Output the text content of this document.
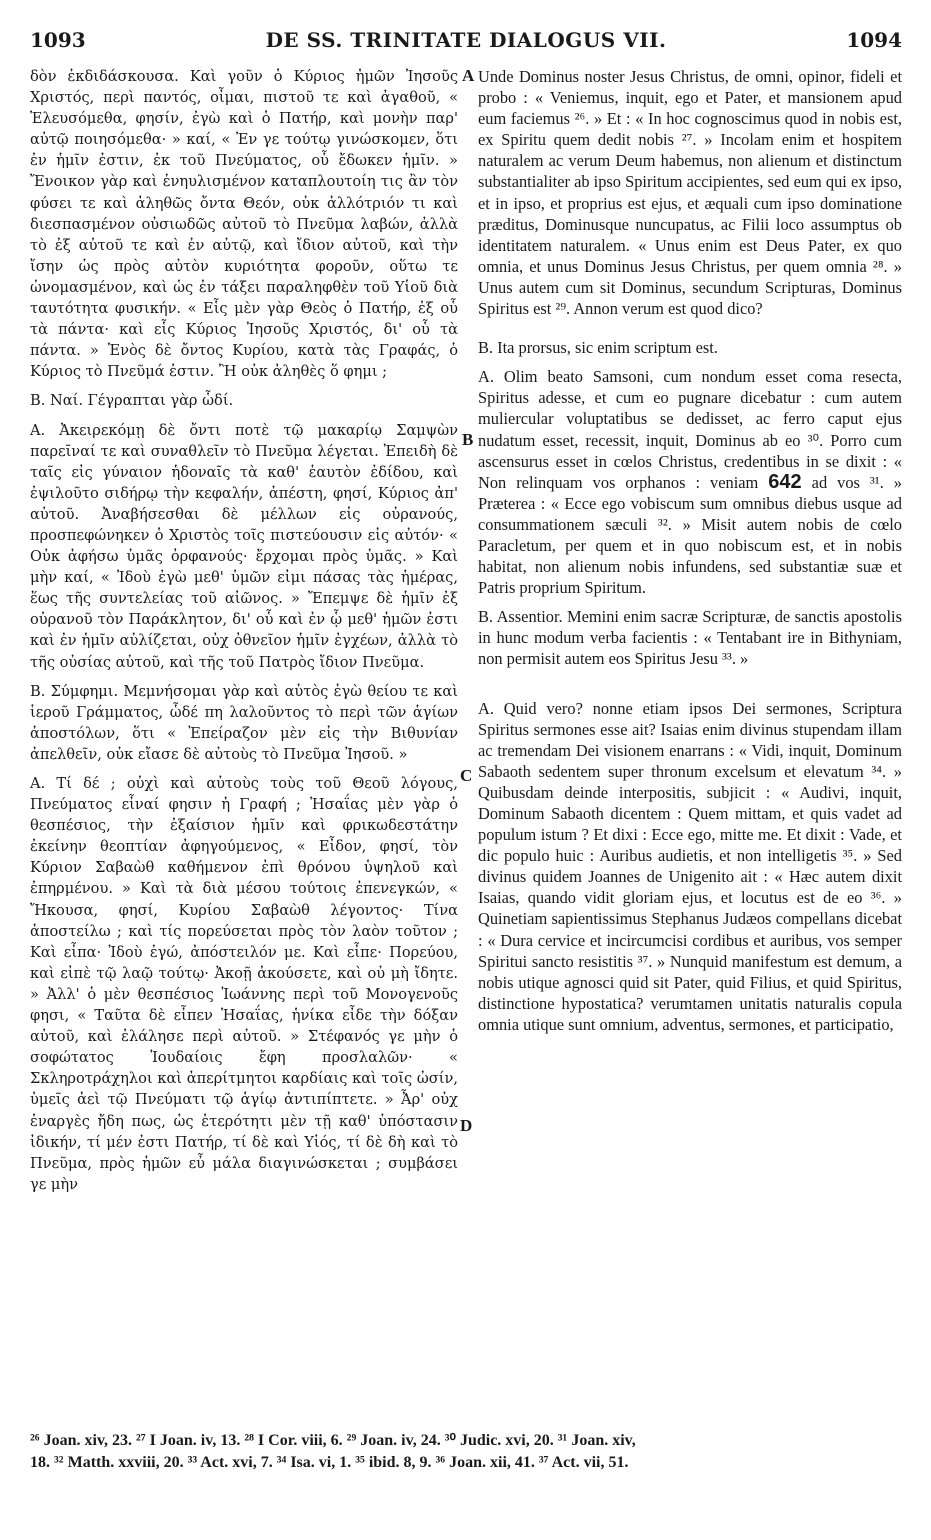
1093	DE SS. TRINITATE DIALOGUS VII.	1094

δὸν ἐκδιδάσκουσα. Καὶ γοῦν ὁ Κύριος ἡμῶν Ἰησοῦς Χριστός, περὶ παντός, οἶμαι, πιστοῦ τε καὶ ἀγαθοῦ, « Ἐλευσόμεθα, φησίν, ἐγὼ καὶ ὁ Πατήρ, καὶ μονὴν παρ' αὐτῷ ποιησόμεθα· » καί, « Ἐν γε τούτῳ γινώσκομεν, ὅτι ἐν ἡμῖν ἐστιν, ἐκ τοῦ Πνεύματος, οὗ ἔδωκεν ἡμῖν. » Ἔνοικον γὰρ καὶ ἐνηυλισμένον καταπλουτοίη τις ἂν τὸν φύσει τε καὶ ἀληθῶς ὄντα Θεόν, οὐκ ἀλλότριόν τι καὶ διεσπασμένον οὐσιωδῶς αὐτοῦ τὸ Πνεῦμα λαβών, ἀλλὰ τὸ ἐξ αὐτοῦ τε καὶ ἐν αὐτῷ, καὶ ἴδιον αὐτοῦ, καὶ τὴν ἴσην ὡς πρὸς αὐτὸν κυριότητα φοροῦν, οὕτω τε ὠνομασμένον, καὶ ὡς ἐν τάξει παραληφθὲν τοῦ Υἱοῦ διὰ ταυτότητα φυσικήν. « Εἷς μὲν γὰρ Θεὸς ὁ Πατήρ, ἐξ οὗ τὰ πάντα· καὶ εἷς Κύριος Ἰησοῦς Χριστός, δι' οὗ τὰ πάντα. » Ἑνὸς δὲ ὄντος Κυρίου, κατὰ τὰς Γραφάς, ὁ Κύριος τὸ Πνεῦμά ἐστιν. Ἢ οὐκ ἀληθὲς ὅ φημι ;

Β. Ναί. Γέγραπται γὰρ ὧδί.

Α. Ἀκειρεκόμῃ δὲ ὄντι ποτὲ τῷ μακαρίῳ Σαμψὼν παρεῖναί τε καὶ συναθλεῖν τὸ Πνεῦμα λέγεται. Ἐπειδὴ δὲ ταῖς εἰς γύναιον ἡδοναῖς τὰ καθ' ἑαυτὸν ἐδίδου, καὶ ἐψιλοῦτο σιδήρῳ τὴν κεφαλήν, ἀπέστη, φησί, Κύριος ἀπ' αὐτοῦ. Ἀναβήσεσθαι δὲ μέλλων εἰς οὐρανούς, προσπεφώνηκεν ὁ Χριστὸς τοῖς πιστεύουσιν εἰς αὐτόν· « Οὐκ ἀφήσω ὑμᾶς ὀρφανούς· ἔρχομαι πρὸς ὑμᾶς. » Καὶ μὴν καί, « Ἰδοὺ ἐγὼ μεθ' ὑμῶν εἰμι πάσας τὰς ἡμέρας, ἕως τῆς συντελείας τοῦ αἰῶνος. » Ἔπεμψε δὲ ἡμῖν ἐξ οὐρανοῦ τὸν Παράκλητον, δι' οὗ καὶ ἐν ᾧ μεθ' ἡμῶν ἐστι καὶ ἐν ἡμῖν αὐλίζεται, οὐχ ὀθνεῖον ἡμῖν ἐγχέων, ἀλλὰ τὸ τῆς οὐσίας αὐτοῦ, καὶ τῆς τοῦ Πατρὸς ἴδιον Πνεῦμα.

Β. Σύμφημι. Μεμνήσομαι γὰρ καὶ αὐτὸς ἐγὼ θείου τε καὶ ἱεροῦ Γράμματος, ὧδέ πη λαλοῦντος τὸ περὶ τῶν ἁγίων ἀποστόλων, ὅτι « Ἐπείραζον μὲν εἰς τὴν Βιθυνίαν ἀπελθεῖν, οὐκ εἴασε δὲ αὐτοὺς τὸ Πνεῦμα Ἰησοῦ. »

Α. Τί δέ ; οὐχὶ καὶ αὐτοὺς τοὺς τοῦ Θεοῦ λόγους, Πνεύματος εἶναί φησιν ἡ Γραφή ; Ἡσαΐας μὲν γὰρ ὁ θεσπέσιος, τὴν ἐξαίσιον ἡμῖν καὶ φρικωδεστάτην ἐκείνην θεοπτίαν ἀφηγούμενος, « Εἶδον, φησί, τὸν Κύριον Σαβαὼθ καθήμενον ἐπὶ θρόνου ὑψηλοῦ καὶ ἐπηρμένου. » Καὶ τὰ διὰ μέσου τούτοις ἐπενεγκών, « Ἤκουσα, φησί, Κυρίου Σαβαὼθ λέγοντος· Τίνα ἀποστείλω ; καὶ τίς πορεύσεται πρὸς τὸν λαὸν τοῦτον ; Καὶ εἶπα· Ἰδοὺ ἐγώ, ἀπόστειλόν με. Καὶ εἶπε· Πορεύου, καὶ εἰπὲ τῷ λαῷ τούτῳ· Ἀκοῇ ἀκούσετε, καὶ οὐ μὴ ἴδητε. » Ἀλλ' ὁ μὲν θεσπέσιος Ἰωάννης περὶ τοῦ Μονογενοῦς φησι, « Ταῦτα δὲ εἶπεν Ἡσαΐας, ἡνίκα εἶδε τὴν δόξαν αὐτοῦ, καὶ ἐλάλησε περὶ αὐτοῦ. » Στέφανός γε μὴν ὁ σοφώτατος Ἰουδαίοις ἔφη προσλαλῶν· « Σκληροτράχηλοι καὶ ἀπερίτμητοι καρδίαις καὶ τοῖς ὠσίν, ὑμεῖς ἀεὶ τῷ Πνεύματι τῷ ἁγίῳ ἀντιπίπτετε. » Ἆρ' οὐχ ἐναργὲς ἤδη πως, ὡς ἑτερότητι μὲν τῇ καθ' ὑπόστασιν ἰδικήν, τί μέν ἐστι Πατήρ, τί δὲ καὶ Υἱός, τί δὲ δὴ καὶ τὸ Πνεῦμα, πρὸς ἡμῶν εὖ μάλα διαγινώσκεται ; συμβάσει γε μὴν

A
B
C
D

Unde Dominus noster Jesus Christus, de omni, opinor, fideli et probo : « Veniemus, inquit, ego et Pater, et mansionem apud eum faciemus ²⁶. » Et : « In hoc cognoscimus quod in nobis est, ex Spiritu quem dedit nobis ²⁷. » Incolam enim et hospitem naturalem ac verum Deum habemus, non alienum et distinctum substantialiter ab ipso Spiritum accipientes, sed eum qui ex ipso, et in ipso, et proprius est ejus, et æquali cum ipso dominatione præditus, Dominusque nuncupatus, ac Filii loco assumptus ob identitatem naturalem. « Unus enim est Deus Pater, ex quo omnia, et unus Dominus Jesus Christus, per quem omnia ²⁸. » Unus autem cum sit Dominus, secundum Scripturas, Dominus Spiritus est ²⁹. Annon verum est quod dico?

B. Ita prorsus, sic enim scriptum est.

A. Olim beato Samsoni, cum nondum esset coma resecta, Spiritus adesse, et cum eo pugnare dicebatur : cum autem muliercular voluptatibus se dedisset, ac ferro caput ejus nudatum esset, recessit, inquit, Dominus ab eo ³⁰. Porro cum ascensurus esset in cœlos Christus, credentibus in se dixit : « Non relinquam vos orphanos : veniam 642 ad vos ³¹. » Præterea : « Ecce ego vobiscum sum omnibus diebus usque ad consummationem sæculi ³². » Misit autem nobis de cœlo Paracletum, per quem et in quo nobiscum est, et in nobis habitat, non alienum nobis infundens, sed substantiæ suæ et Patris proprium Spiritum.

B. Assentior. Memini enim sacræ Scripturæ, de sanctis apostolis in hunc modum verba facientis : « Tentabant ire in Bithyniam, non permisit autem eos Spiritus Jesu ³³. »

A. Quid vero? nonne etiam ipsos Dei sermones, Scriptura Spiritus sermones esse ait? Isaias enim divinus stupendam illam ac tremendam Dei visionem enarrans : « Vidi, inquit, Dominum Sabaoth sedentem super thronum excelsum et elevatum ³⁴. » Quibusdam deinde interpositis, subjicit : « Audivi, inquit, Dominum Sabaoth dicentem : Quem mittam, et quis vadet ad populum istum ? Et dixi : Ecce ego, mitte me. Et dixit : Vade, et dic populo huic : Auribus audietis, et non intelligetis ³⁵. » Sed divinus quidem Joannes de Unigenito ait : « Hæc autem dixit Isaias, quando vidit gloriam ejus, et locutus est de eo ³⁶. » Quinetiam sapientissimus Stephanus Judæos compellans dicebat : « Dura cervice et incircumcisi cordibus et auribus, vos semper Spiritui sancto resistitis ³⁷. » Nunquid manifestum est demum, a nobis utique agnosci quid sit Pater, quid Filius, et quid Spiritus, distinctione hypostatica? verumtamen unitatis naturalis copula omnia utique sunt omnium, adventus, sermones, et participatio,

²⁶ Joan. xiv, 23. ²⁷ I Joan. iv, 13. ²⁸ I Cor. viii, 6. ²⁹ Joan. iv, 24. ³⁰ Judic. xvi, 20. ³¹ Joan. xiv,
18. ³² Matth. xxviii, 20. ³³ Act. xvi, 7. ³⁴ Isa. vi, 1. ³⁵ ibid. 8, 9. ³⁶ Joan. xii, 41. ³⁷ Act. vii, 51.
